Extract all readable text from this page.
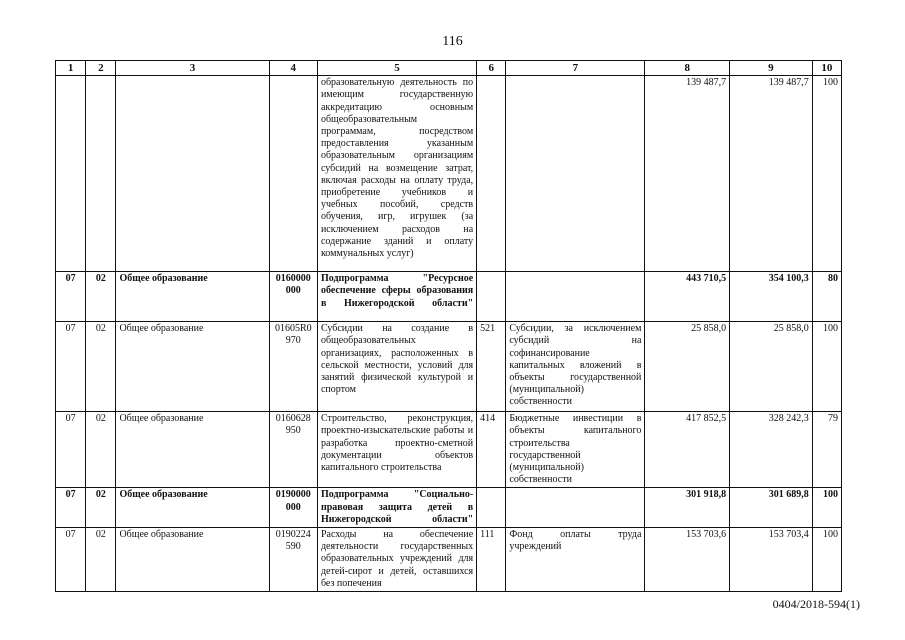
116
1	2	3	4	5	6	7	8	9	10
				образовательную деятельность по имеющим государственную аккредитацию основным общеобразовательным программам, посредством предоставления указанным образовательным организациям субсидий на возмещение затрат, включая расходы на оплату труда, приобретение учебников и учебных пособий, средств обучения, игр, игрушек (за исключением расходов на содержание зданий и оплату коммунальных услуг)			139 487,7	139 487,7	100
07	02	Общее образование	0160000 000	Подпрограмма "Ресурсное обеспечение сферы образования в Нижегородской области"			443 710,5	354 100,3	80
07	02	Общее образование	01605R0 970	Субсидии на создание в общеобразовательных организациях, расположенных в сельской местности, условий для занятий физической культурой и спортом	521	Субсидии, за исключением субсидий на софинансирование капитальных вложений в объекты государственной (муниципальной) собственности	25 858,0	25 858,0	100
07	02	Общее образование	0160628 950	Строительство, реконструкция, проектно-изыскательские работы и разработка проектно-сметной документации объектов капитального строительства	414	Бюджетные инвестиции в объекты капитального строительства государственной (муниципальной) собственности	417 852,5	328 242,3	79
07	02	Общее образование	0190000 000	Подпрограмма "Социально-правовая защита детей в Нижегородской области"			301 918,8	301 689,8	100
07	02	Общее образование	0190224 590	Расходы на обеспечение деятельности государственных образовательных учреждений для детей-сирот и детей, оставшихся без попечения	111	Фонд оплаты труда учреждений	153 703,6	153 703,4	100
0404/2018-594(1)
